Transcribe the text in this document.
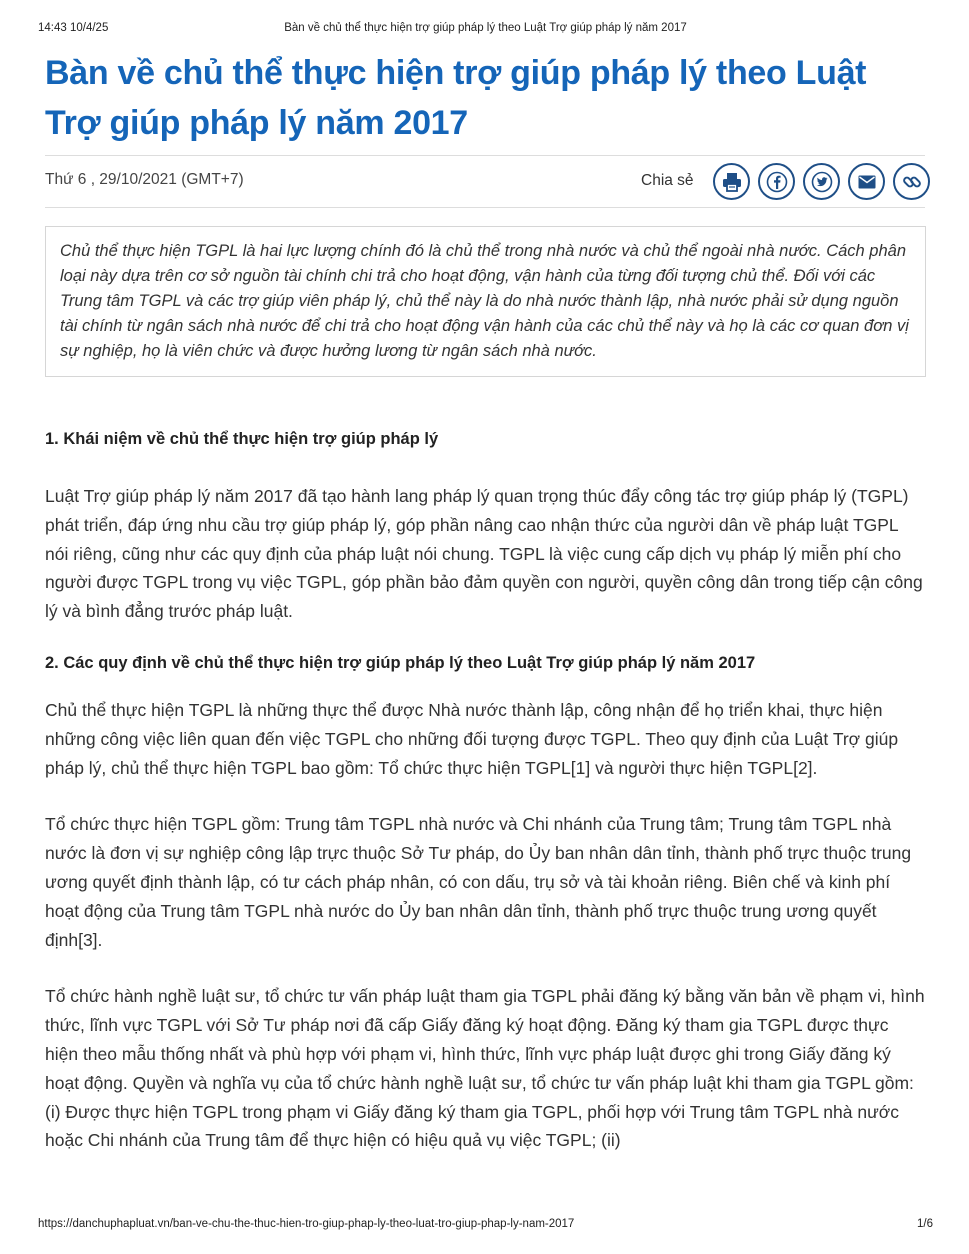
14:43 10/4/25	Bàn về chủ thể thực hiện trợ giúp pháp lý theo Luật Trợ giúp pháp lý năm 2017
Bàn về chủ thể thực hiện trợ giúp pháp lý theo Luật Trợ giúp pháp lý năm 2017
Thứ 6 , 29/10/2021 (GMT+7)	Chia sẻ
Chủ thể thực hiện TGPL là hai lực lượng chính đó là chủ thể trong nhà nước và chủ thể ngoài nhà nước. Cách phân loại này dựa trên cơ sở nguồn tài chính chi trả cho hoạt động, vận hành của từng đối tượng chủ thể. Đối với các Trung tâm TGPL và các trợ giúp viên pháp lý, chủ thể này là do nhà nước thành lập, nhà nước phải sử dụng nguồn tài chính từ ngân sách nhà nước để chi trả cho hoạt động vận hành của các chủ thể này và họ là các cơ quan đơn vị sự nghiệp, họ là viên chức và được hưởng lương từ ngân sách nhà nước.
1. Khái niệm về chủ thể thực hiện trợ giúp pháp lý

Luật Trợ giúp pháp lý năm 2017 đã tạo hành lang pháp lý quan trọng thúc đẩy công tác trợ giúp pháp lý (TGPL) phát triển, đáp ứng nhu cầu trợ giúp pháp lý, góp phần nâng cao nhận thức của người dân về pháp luật TGPL nói riêng, cũng như các quy định của pháp luật nói chung. TGPL là việc cung cấp dịch vụ pháp lý miễn phí cho người được TGPL trong vụ việc TGPL, góp phần bảo đảm quyền con người, quyền công dân trong tiếp cận công lý và bình đẳng trước pháp luật.

2. Các quy định về chủ thể thực hiện trợ giúp pháp lý theo Luật Trợ giúp pháp lý năm 2017

Chủ thể thực hiện TGPL là những thực thể được Nhà nước thành lập, công nhận để họ triển khai, thực hiện những công việc liên quan đến việc TGPL cho những đối tượng được TGPL. Theo quy định của Luật Trợ giúp pháp lý, chủ thể thực hiện TGPL bao gồm: Tổ chức thực hiện TGPL[1] và người thực hiện TGPL[2].

Tổ chức thực hiện TGPL gồm: Trung tâm TGPL nhà nước và Chi nhánh của Trung tâm; Trung tâm TGPL nhà nước là đơn vị sự nghiệp công lập trực thuộc Sở Tư pháp, do Ủy ban nhân dân tỉnh, thành phố trực thuộc trung ương quyết định thành lập, có tư cách pháp nhân, có con dấu, trụ sở và tài khoản riêng. Biên chế và kinh phí hoạt động của Trung tâm TGPL nhà nước do Ủy ban nhân dân tỉnh, thành phố trực thuộc trung ương quyết định[3].

Tổ chức hành nghề luật sư, tổ chức tư vấn pháp luật tham gia TGPL phải đăng ký bằng văn bản về phạm vi, hình thức, lĩnh vực TGPL với Sở Tư pháp nơi đã cấp Giấy đăng ký hoạt động. Đăng ký tham gia TGPL được thực hiện theo mẫu thống nhất và phù hợp với phạm vi, hình thức, lĩnh vực pháp luật được ghi trong Giấy đăng ký hoạt động. Quyền và nghĩa vụ của tổ chức hành nghề luật sư, tổ chức tư vấn pháp luật khi tham gia TGPL gồm: (i) Được thực hiện TGPL trong phạm vi Giấy đăng ký tham gia TGPL, phối hợp với Trung tâm TGPL nhà nước hoặc Chi nhánh của Trung tâm để thực hiện có hiệu quả vụ việc TGPL; (ii)

https://danchuphapluat.vn/ban-ve-chu-the-thuc-hien-tro-giup-phap-ly-theo-luat-tro-giup-phap-ly-nam-2017	1/6
